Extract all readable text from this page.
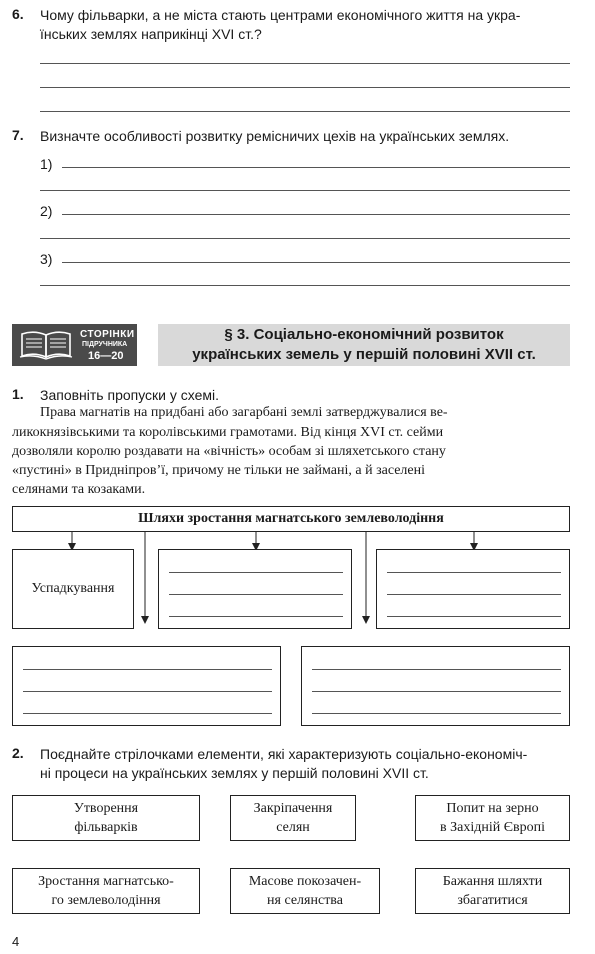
6. Чому фільварки, а не міста стають центрами економічного життя на укра-
їнських землях наприкінці XVI ст.?
7. Визначте особливості розвитку ремісничих цехів на українських землях.
1)
2)
3)
СТОРІНКИ
ПІДРУЧНИКА
16—20
§ 3. Соціально-економічний розвиток
українських земель у першій половині XVII ст.
1. Заповніть пропуски у схемі.
Права магнатів на придбані або загарбані землі затверджувалися ве-
ликокнязівськими та королівськими грамотами. Від кінця XVI ст. сейми
дозволяли королю роздавати на «вічність» особам зі шляхетського стану
«пустині» в Придніпров’ї, причому не тільки не займані, а й заселені
селянами та козаками.
Шляхи зростання магнатського землеволодіння
Успадкування
2. Поєднайте стрілочками елементи, які характеризують соціально-економіч-
ні процеси на українських землях у першій половині XVII ст.
Утворення
фільварків
Закріпачення
селян
Попит на зерно
в Західній Європі
Зростання магнатсько-
го землеволодіння
Масове покозачен-
ня селянства
Бажання шляхти
збагатитися
4
